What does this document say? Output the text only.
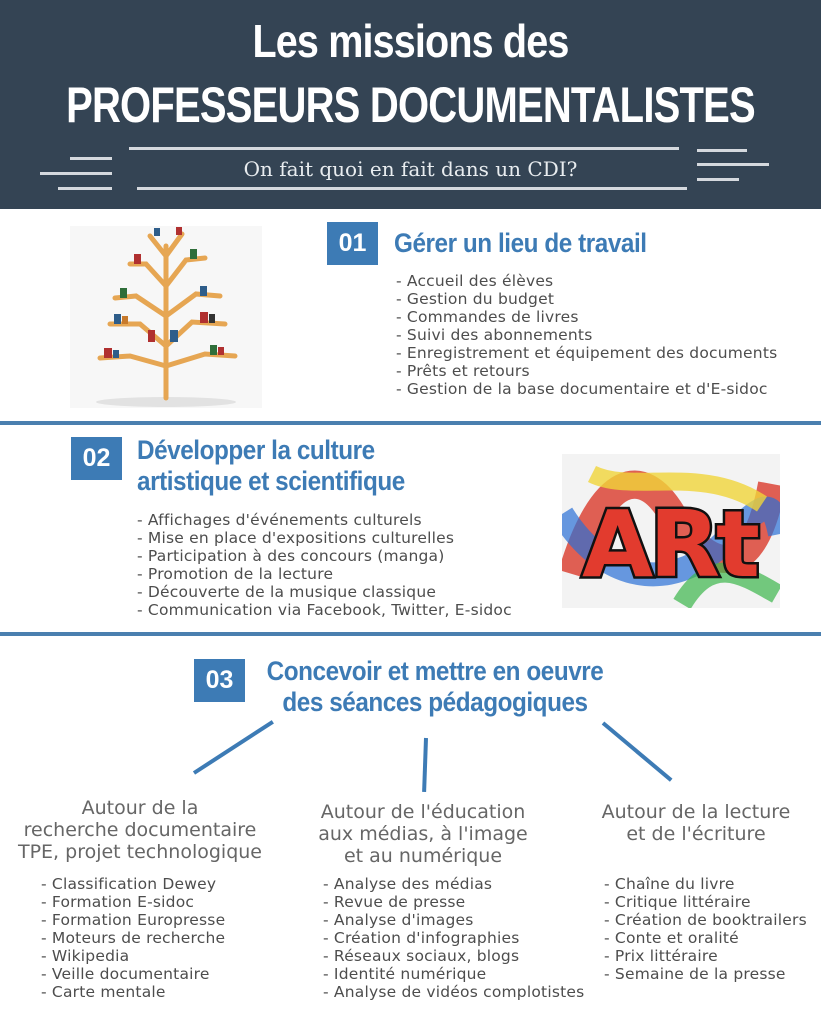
Les missions des
PROFESSEURS DOCUMENTALISTES
On fait quoi en fait dans un CDI?
01	Gérer un lieu de travail
- Accueil des élèves
- Gestion du budget
- Commandes de livres
- Suivi des abonnements
- Enregistrement et équipement des documents
- Prêts et retours
- Gestion de la base documentaire et d'E-sidoc
02 Développer la culture
artistique et scientifique
- Affichages d'événements culturels
- Mise en place d'expositions culturelles
- Participation à des concours (manga)
- Promotion de la lecture
- Découverte de la musique classique
- Communication via Facebook, Twitter, E-sidoc
ARt
03	Concevoir et mettre en oeuvre
des séances pédagogiques
Autour de la
recherche documentaire
TPE, projet technologique
Autour de l'éducation
aux médias, à l'image
et au numérique
Autour de la lecture
et de l'écriture
- Classification Dewey
- Formation E-sidoc
- Formation Europresse
- Moteurs de recherche
- Wikipedia
- Veille documentaire
- Carte mentale
- Analyse des médias
- Revue de presse
- Analyse d'images
- Création d'infographies
- Réseaux sociaux, blogs
- Identité numérique
- Analyse de vidéos complotistes
- Chaîne du livre
- Critique littéraire
- Création de booktrailers
- Conte et oralité
- Prix littéraire
- Semaine de la presse
